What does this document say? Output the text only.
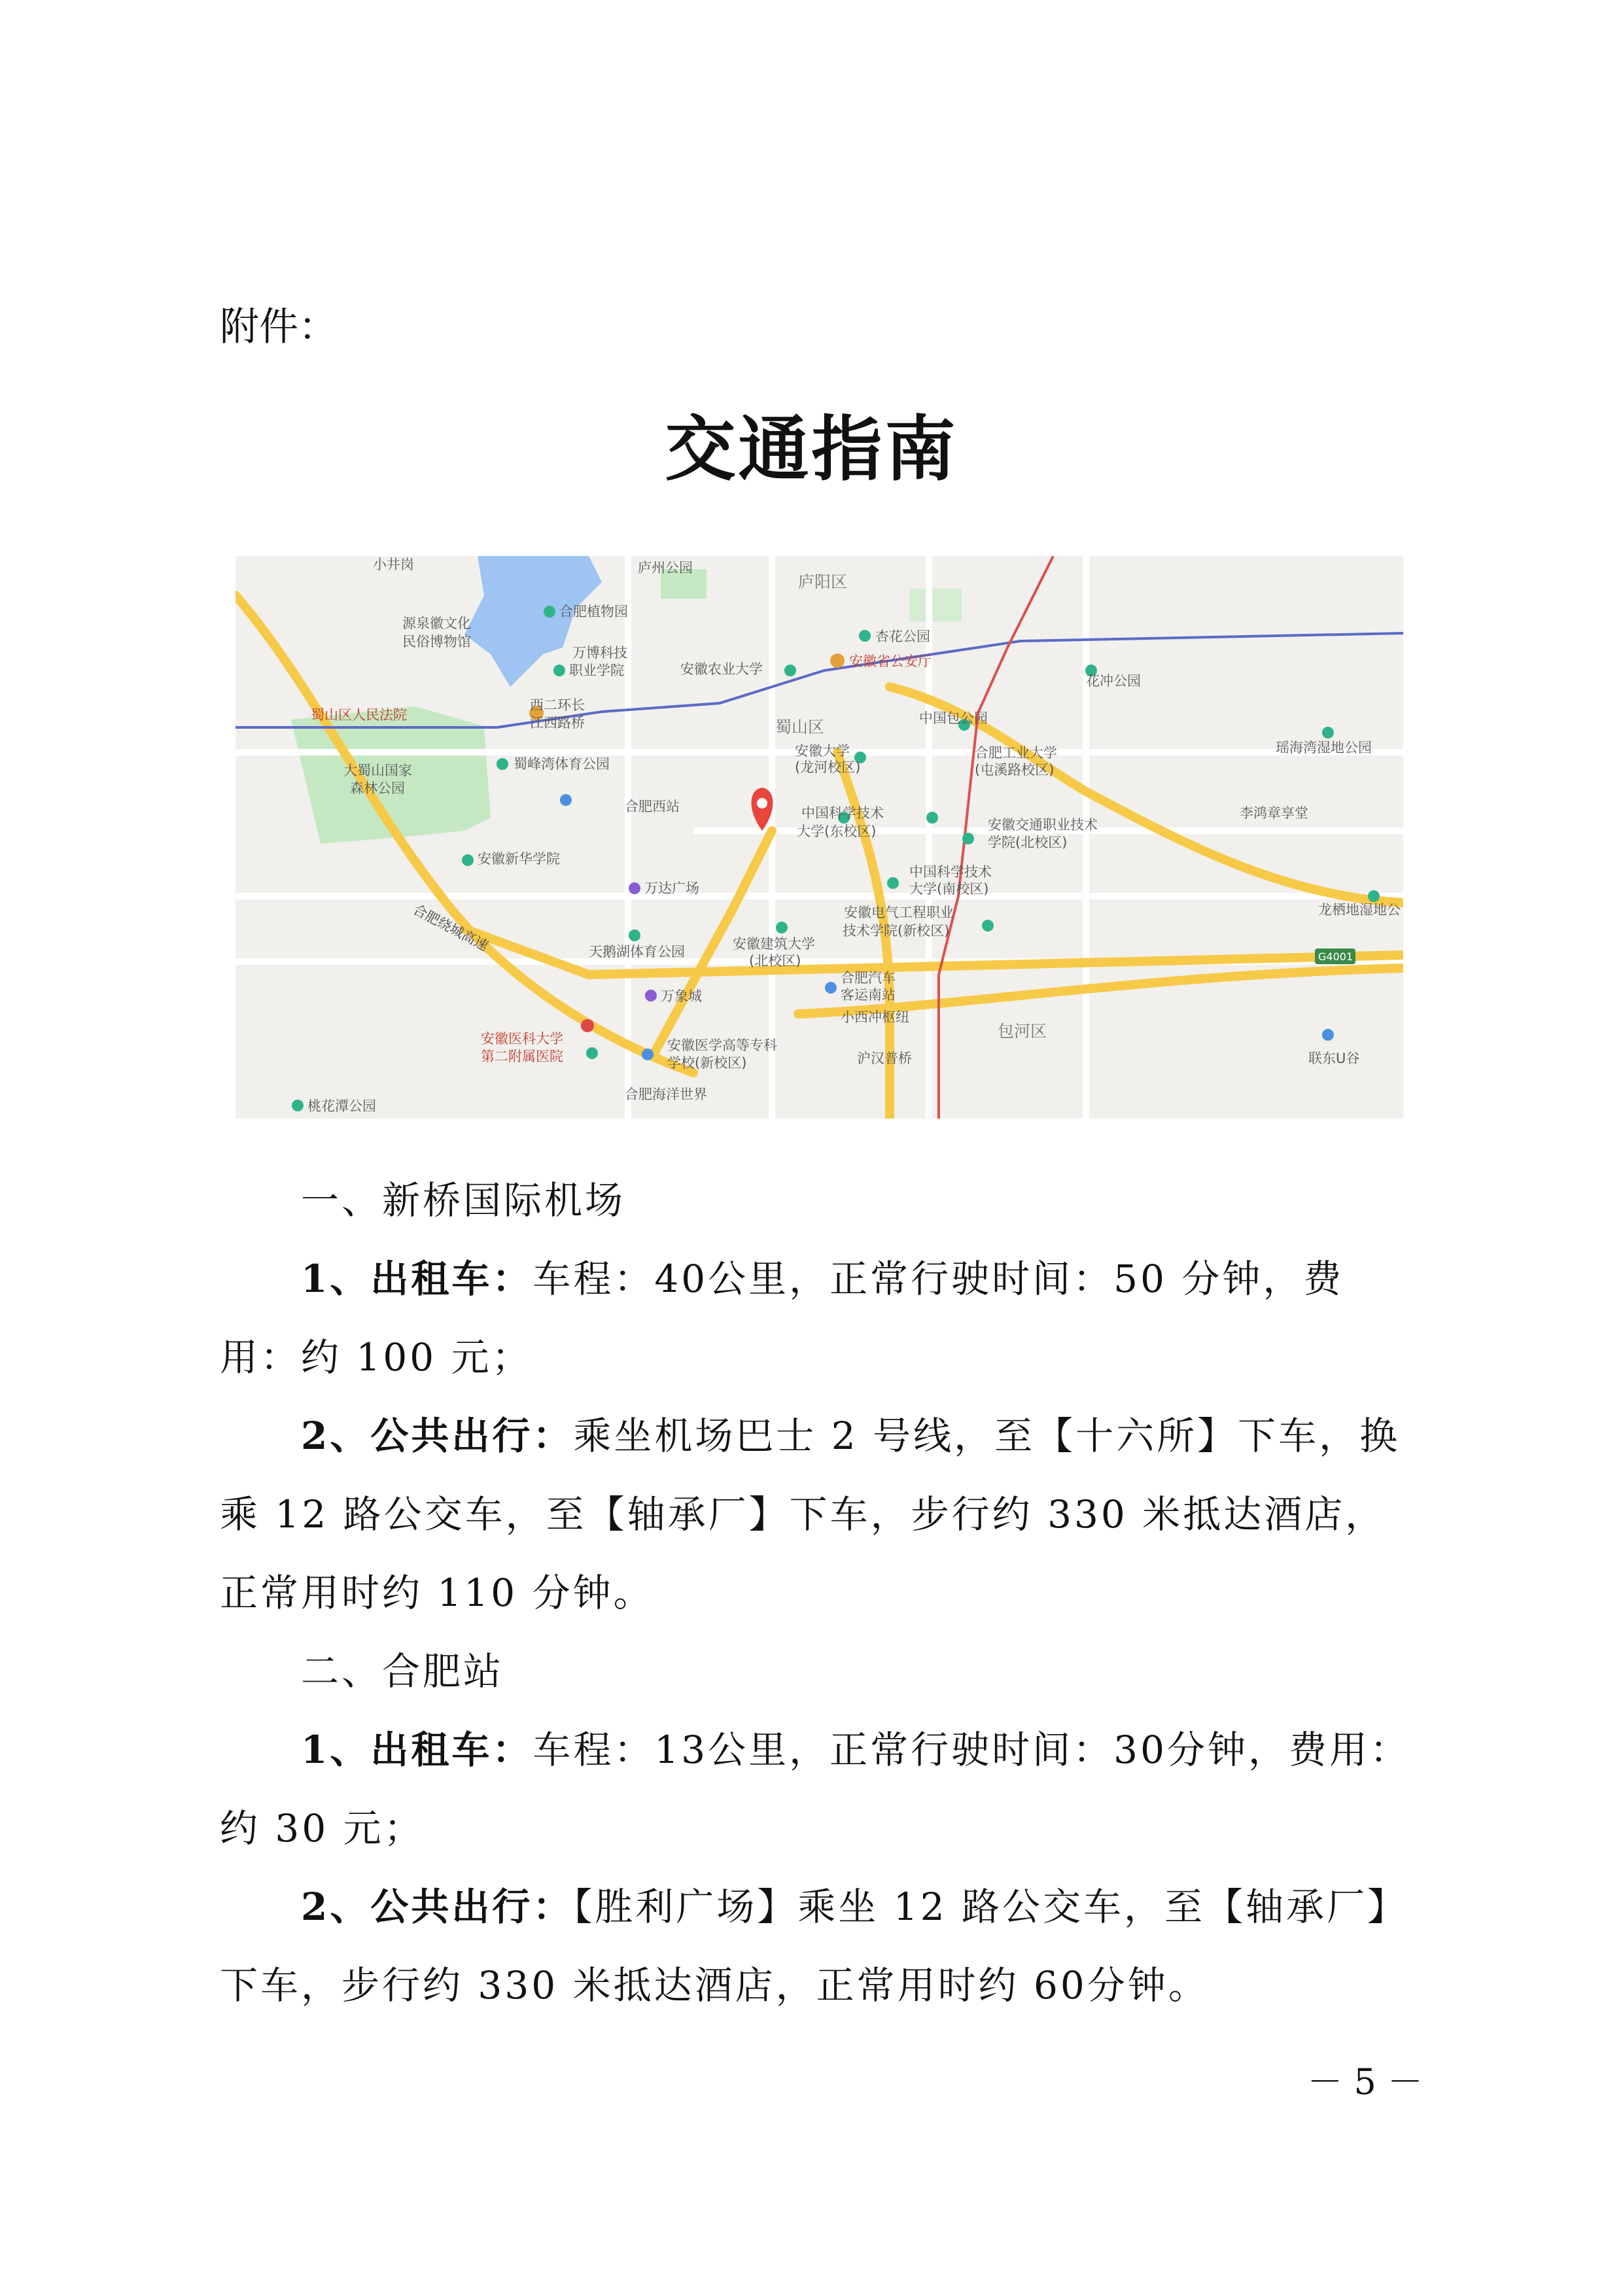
附件：
交通指南
小井岗	庐州公园
庐阳区
合肥植物园
源泉徽文化
民俗博物馆
万博科技
职业学院	安徽农业大学
杏花公园
安徽省公安厅
花冲公园
蜀山区人民法院
西二环长
江西路桥	蜀山区	中国包公园
瑶海湾湿地公园
大蜀山国家
森林公园
蜀峰湾体育公园
安徽大学
(龙河校区)
合肥工业大学
(屯溪路校区)
李鸿章享堂
合肥西站	中国科学技术
大学(东校区)	安徽交通职业技术
学院(北校区)
安徽新华学院
万达广场
中国科学技术
大学(南校区)
安徽电气工程职业
技术学院(新校区)
龙栖地湿地公
合肥绕城高速	天鹅湖体育公园	安徽建筑大学
(北校区)	G4001
万象城
合肥汽车
客运南站
小西冲枢纽
包河区
安徽医科大学
第二附属医院
安徽医学高等专科
学校(新校区)	沪汉普桥	联东U谷
桃花潭公园
合肥海洋世界
一、新桥国际机场
1、出租车：车程：40公里，正常行驶时间：50 分钟，费用：约 100 元；
2、公共出行：乘坐机场巴士 2 号线，至【十六所】下车，换乘 12 路公交车，至【轴承厂】下车，步行约 330 米抵达酒店，正常用时约 110 分钟。
二、合肥站
1、出租车：车程：13公里，正常行驶时间：30分钟，费用：约 30 元；
2、公共出行：【胜利广场】乘坐 12 路公交车，至【轴承厂】下车，步行约 330 米抵达酒店，正常用时约 60分钟。
－ 5 －
